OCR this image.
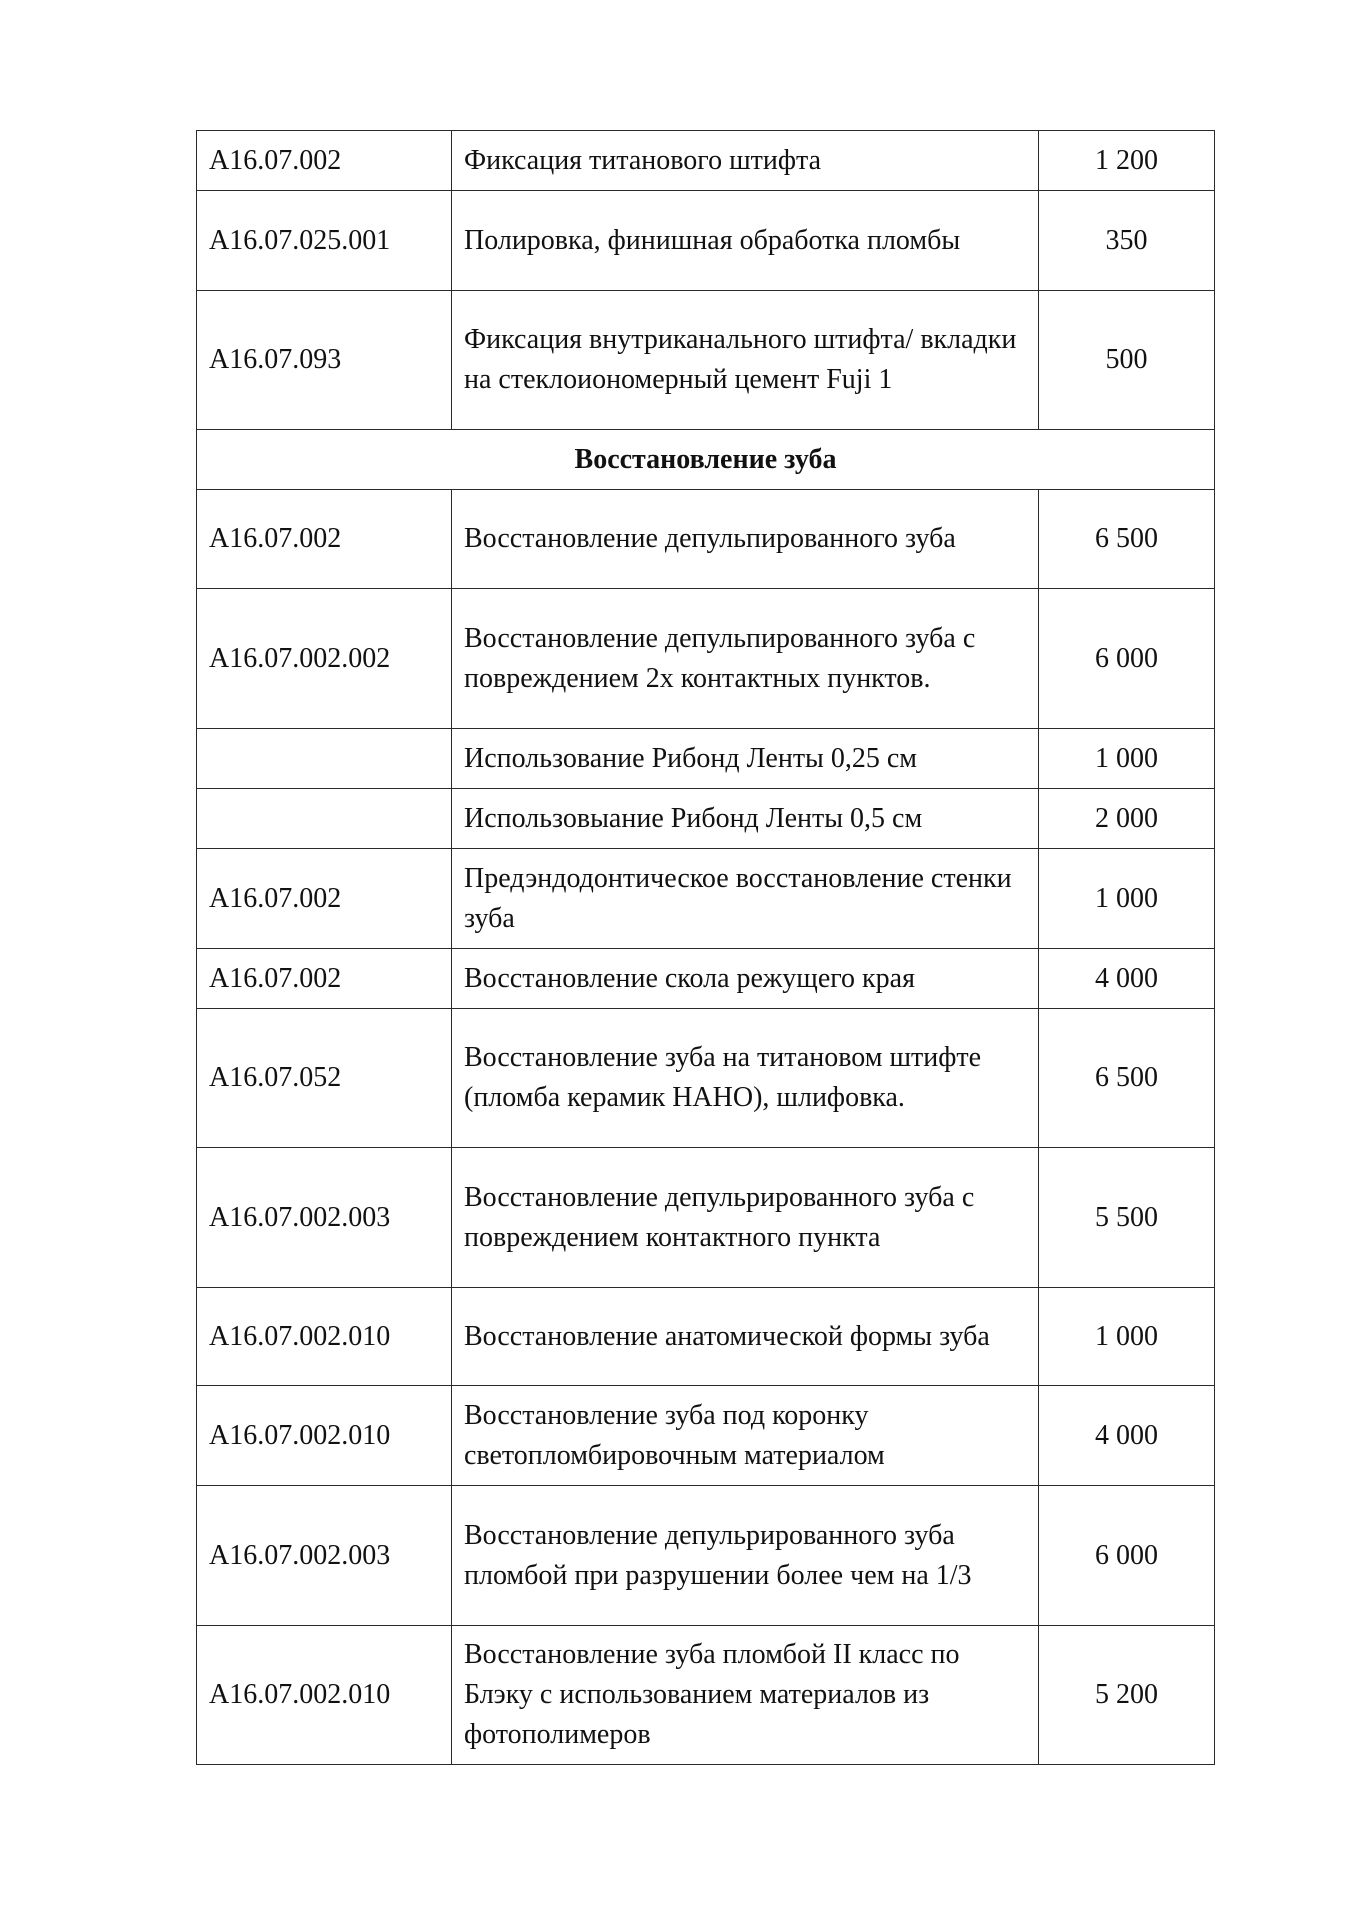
A16.07.002	Фиксация титанового штифта	1 200
A16.07.025.001	Полировка, финишная обработка пломбы	350
A16.07.093	Фиксация внутриканального штифта/ вкладки на стеклоиономерный цемент Fuji 1	500
Восстановление зуба		
A16.07.002	Восстановление депульпированного зуба	6 500
A16.07.002.002	Восстановление депульпированного зуба с повреждением 2х контактных пунктов.	6 000
	Использование Рибонд Ленты 0,25 см	1 000
	Использовыание Рибонд Ленты 0,5 см	2 000
A16.07.002	Предэндодонтическое восстановление стенки зуба	1 000
A16.07.002	Восстановление скола режущего края	4 000
A16.07.052	Восстановление зуба на титановом штифте (пломба керамик НАНО), шлифовка.	6 500
A16.07.002.003	Восстановление депульрированного зуба с повреждением контактного пункта	5 500
A16.07.002.010	Восстановление анатомической формы зуба	1 000
A16.07.002.010	Восстановление зуба под коронку светопломбировочным материалом	4 000
A16.07.002.003	Восстановление депульрированного зуба пломбой при разрушении более чем на 1/3	6 000
A16.07.002.010	Восстановление зуба пломбой II класс по Блэку с использованием материалов из фотополимеров	5 200
